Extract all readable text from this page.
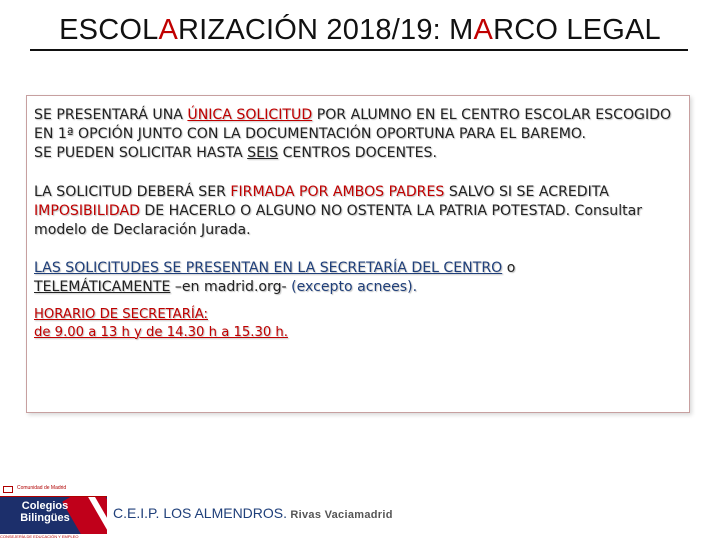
ESCOLARIZACIÓN 2018/19: MARCO LEGAL

SE PRESENTARÁ UNA ÚNICA SOLICITUD POR ALUMNO EN EL CENTRO ESCOLAR ESCOGIDO EN 1ª OPCIÓN JUNTO CON LA DOCUMENTACIÓN OPORTUNA PARA EL BAREMO.

SE PUEDEN SOLICITAR HASTA SEIS CENTROS DOCENTES.

LA SOLICITUD DEBERÁ SER FIRMADA POR AMBOS PADRES SALVO SI SE ACREDITA IMPOSIBILIDAD DE HACERLO O ALGUNO NO OSTENTA LA PATRIA POTESTAD. Consultar modelo de Declaración Jurada.

LAS SOLICITUDES SE PRESENTAN EN LA SECRETARÍA DEL CENTRO o
TELEMÁTICAMENTE –en madrid.org- (excepto acnees).

HORARIO DE SECRETARÍA:

de 9.00 a 13 h y de 14.30 h a 15.30 h.

Comunidad de Madrid
Colegios
Bilingües
CONSEJERÍA DE EDUCACIÓN Y EMPLEO
C.E.I.P. LOS ALMENDROS. Rivas Vaciamadrid
